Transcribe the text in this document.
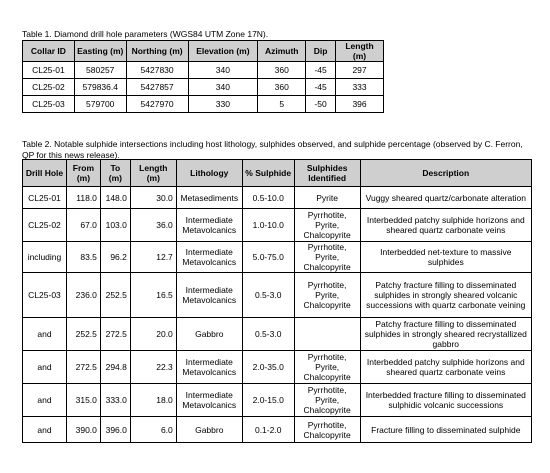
Table 1. Diamond drill hole parameters (WGS84 UTM Zone 17N).
Collar ID	Easting (m)	Northing (m)	Elevation (m)	Azimuth	Dip	Length (m)
CL25-01	580257	5427830	340	360	-45	297
CL25-02	579836.4	5427857	340	360	-45	333
CL25-03	579700	5427970	330	5	-50	396
Table 2. Notable sulphide intersections including host lithology, sulphides observed, and sulphide percentage (observed by C. Ferron, QP for this news release).
Drill Hole	From (m)	To (m)	Length (m)	Lithology	% Sulphide	Sulphides Identified	Description
CL25-01	118.0	148.0	30.0	Metasediments	0.5-10.0	Pyrite	Vuggy sheared quartz/carbonate alteration
CL25-02	67.0	103.0	36.0	Intermediate Metavolcanics	1.0-10.0	Pyrrhotite, Pyrite, Chalcopyrite	Interbedded patchy sulphide horizons and sheared quartz carbonate veins
including	83.5	96.2	12.7	Intermediate Metavolcanics	5.0-75.0	Pyrrhotite, Pyrite, Chalcopyrite	Interbedded net-texture to massive sulphides
CL25-03	236.0	252.5	16.5	Intermediate Metavolcanics	0.5-3.0	Pyrrhotite, Pyrite, Chalcopyrite	Patchy fracture filling to disseminated sulphides in strongly sheared volcanic successions with quartz carbonate veining
and	252.5	272.5	20.0	Gabbro	0.5-3.0		Patchy fracture filling to disseminated sulphides in strongly sheared recrystallized gabbro
and	272.5	294.8	22.3	Intermediate Metavolcanics	2.0-35.0	Pyrrhotite, Pyrite, Chalcopyrite	Interbedded patchy sulphide horizons and sheared quartz carbonate veins
and	315.0	333.0	18.0	Intermediate Metavolcanics	2.0-15.0	Pyrrhotite, Pyrite, Chalcopyrite	Interbedded fracture filling to disseminated sulphidic volcanic successions
and	390.0	396.0	6.0	Gabbro	0.1-2.0	Pyrrhotite, Chalcopyrite	Fracture filling to disseminated sulphide
